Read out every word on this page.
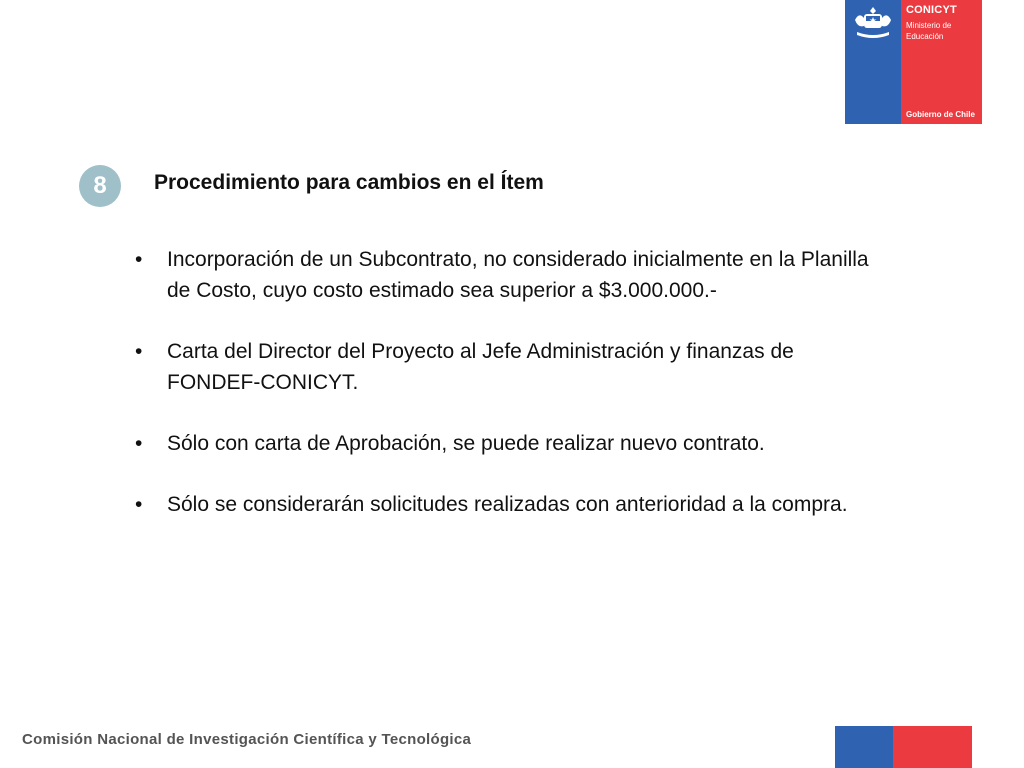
CONICYT
Ministerio de Educación
Gobierno de Chile
8	Procedimiento para cambios en el Ítem
•	Incorporación de un Subcontrato, no considerado inicialmente en la Planilla de Costo, cuyo costo estimado sea superior a $3.000.000.-
•	Carta del Director del Proyecto al Jefe Administración y finanzas de FONDEF-CONICYT.
•	Sólo con carta de Aprobación, se puede realizar nuevo contrato.
•	Sólo se considerarán solicitudes realizadas con anterioridad a la compra.
Comisión Nacional de Investigación Científica y Tecnológica
